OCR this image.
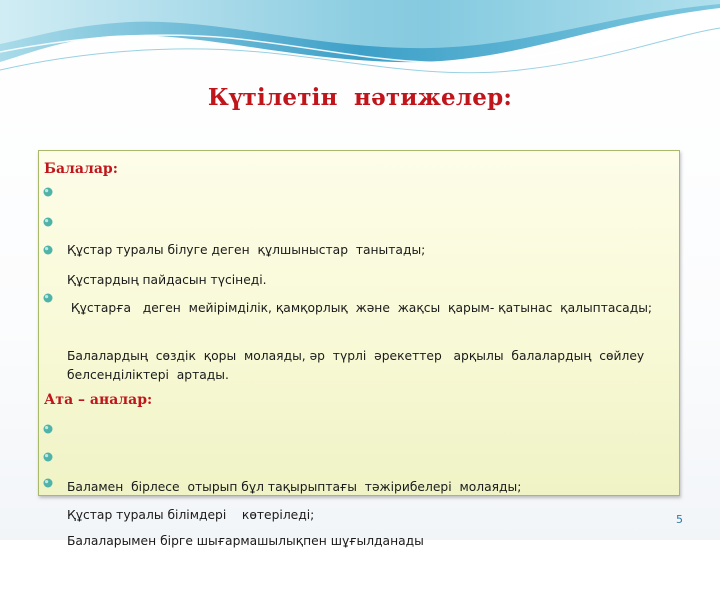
Күтілетін  нәтижелер:
Балалар:

Құстар туралы білуге деген  құлшыныстар  танытады;

Құстардың пайдасын түсінеді.

Құстарға   деген  мейірімділік, қамқорлық  және  жақсы  қарым- қатынас  қалыптасады;

Балалардың  сөздік  қоры  молаяды, әр  түрлі  әрекеттер   арқылы  балалардың  сөйлеу  белсенділіктері  артады.

Ата – аналар:

Баламен  бірлесе  отырып бұл тақырыптағы  тәжірибелері  молаяды;

Құстар туралы білімдері    көтеріледі;

Балаларымен бірге шығармашылықпен шұғылданады

5
